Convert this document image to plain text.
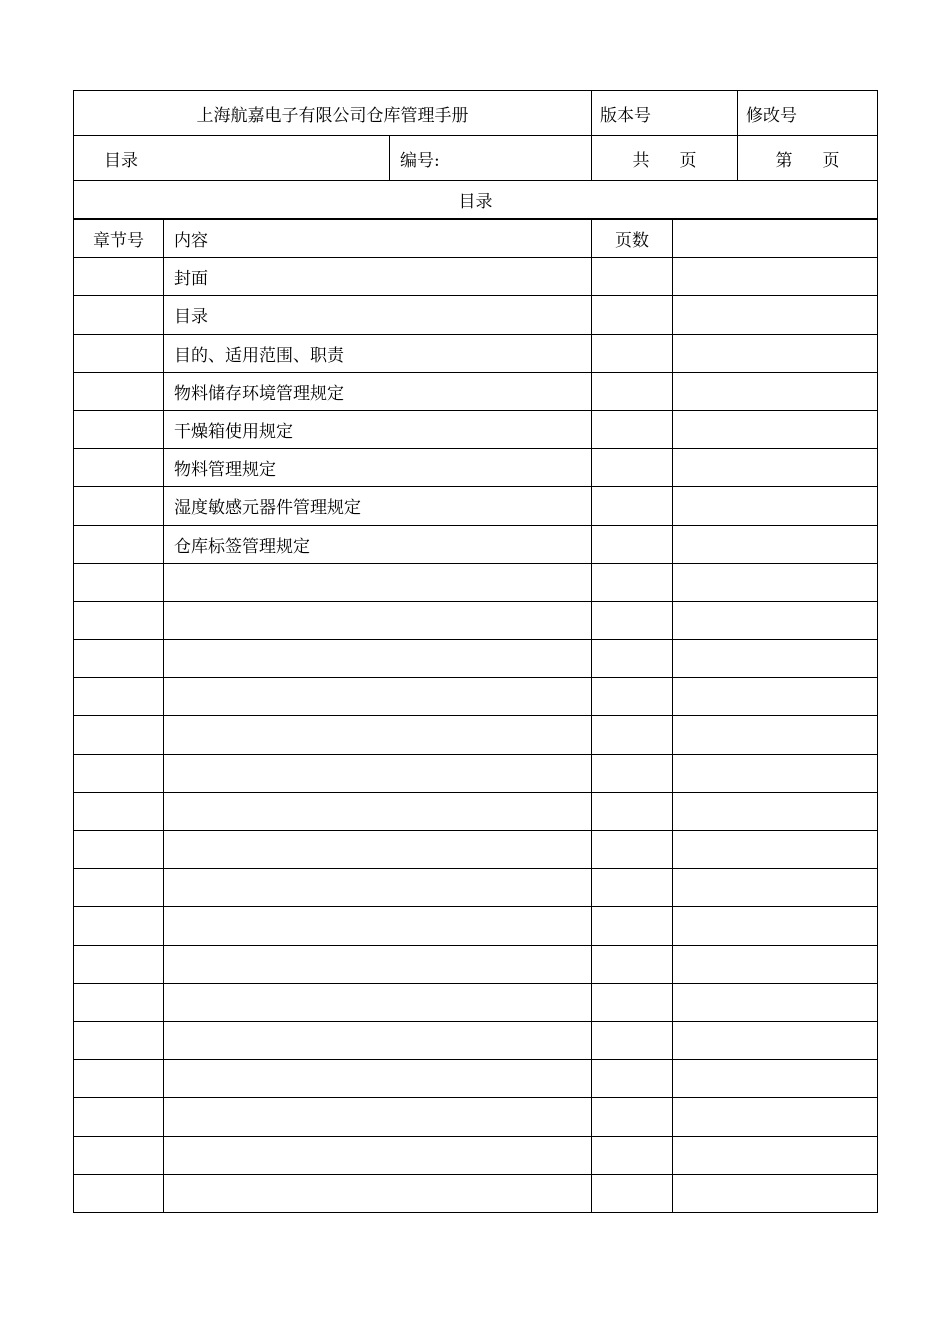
上海航嘉电子有限公司仓库管理手册		版本号	修改号
目录	编号:	共 页	第 页
目录			
章节号	内容	页数	
	封面		
	目录		
	目的、适用范围、职责		
	物料储存环境管理规定		
	干燥箱使用规定		
	物料管理规定		
	湿度敏感元器件管理规定		
	仓库标签管理规定		
